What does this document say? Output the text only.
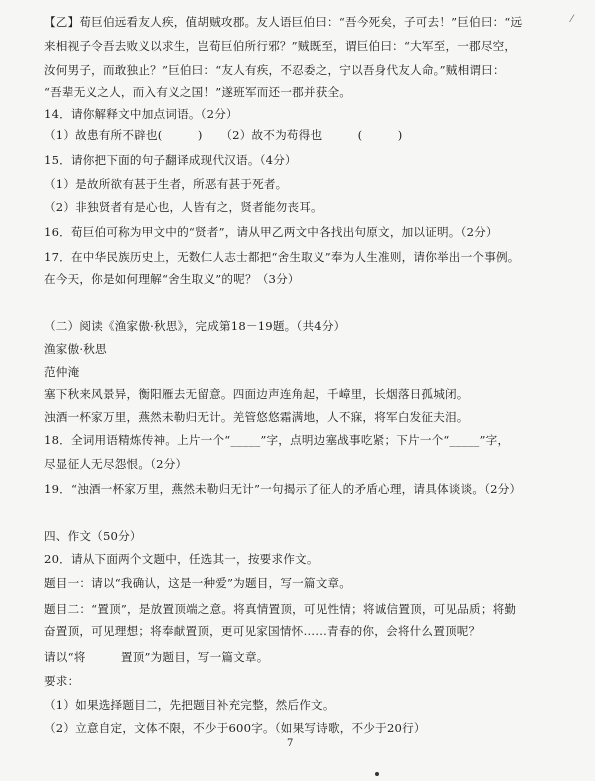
⁄
【乙】荀巨伯远看友人疾，值胡贼攻郡。友人语巨伯曰：“吾今死矣，子可去！”巨伯曰：“远
来相视子令吾去败义以求生，岂荀巨伯所行邪？”贼既至，谓巨伯曰：“大军至，一郡尽空，
汝何男子，而敢独止？”巨伯曰：“友人有疾，不忍委之，宁以吾身代友人命。”贼相谓曰：
“吾辈无义之人，而入有义之国！”遂班军而还一郡并获全。
14．请你解释文中加点词语。（2分）
（1）故患有所不辟也(　　　)　　（2）故不为苟得也　　　(　　　)
15．请你把下面的句子翻译成现代汉语。（4分）
（1）是故所欲有甚于生者，所恶有甚于死者。
（2）非独贤者有是心也，人皆有之，贤者能勿丧耳。
16．荀巨伯可称为甲文中的“贤者”，请从甲乙两文中各找出句原文，加以证明。（2分）
17．在中华民族历史上，无数仁人志士都把“舍生取义”奉为人生准则，请你举出一个事例。
在今天，你是如何理解“舍生取义”的呢？（3分）
（二）阅读《渔家傲·秋思》，完成第18－19题。（共4分）
渔家傲·秋思
范仲淹
塞下秋来风景异，衡阳雁去无留意。四面边声连角起，千嶂里，长烟落日孤城闭。
浊酒一杯家万里，燕然未勒归无计。羌管悠悠霜满地，人不寐，将军白发征夫泪。
18．全词用语精炼传神。上片一个“_____”字，点明边塞战事吃紧；下片一个“_____”字，
尽显征人无尽怨恨。（2分）
19．“浊酒一杯家万里，燕然未勒归无计”一句揭示了征人的矛盾心理，请具体谈谈。（2分）
四、作文（50分）
20．请从下面两个文题中，任选其一，按要求作文。
题目一：请以“我确认，这是一种爱”为题目，写一篇文章。
题目二：“置顶”，是放置顶端之意。将真情置顶，可见性情；将诚信置顶，可见品质；将勤
奋置顶，可见理想；将奉献置顶，更可见家国情怀……青春的你，会将什么置顶呢？
请以“将　　　置顶”为题目，写一篇文章。
要求：
（1）如果选择题目二，先把题目补充完整，然后作文。
（2）立意自定，文体不限，不少于600字。（如果写诗歌，不少于20行）
7
